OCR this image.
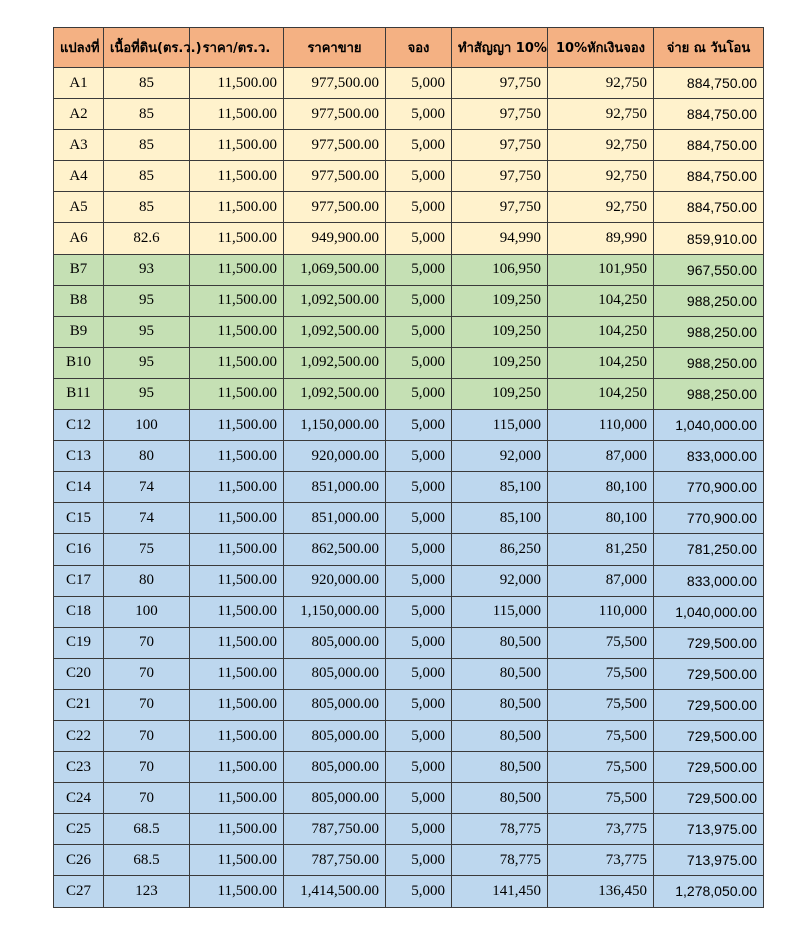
แปลงที่	เนื้อที่ดิน(ตร.ว.)	ราคา/ตร.ว.	ราคาขาย	จอง	ทำสัญญา 10%	10%หักเงินจอง	จ่าย ณ วันโอน
A1	85	11,500.00	977,500.00	5,000	97,750	92,750	884,750.00
A2	85	11,500.00	977,500.00	5,000	97,750	92,750	884,750.00
A3	85	11,500.00	977,500.00	5,000	97,750	92,750	884,750.00
A4	85	11,500.00	977,500.00	5,000	97,750	92,750	884,750.00
A5	85	11,500.00	977,500.00	5,000	97,750	92,750	884,750.00
A6	82.6	11,500.00	949,900.00	5,000	94,990	89,990	859,910.00
B7	93	11,500.00	1,069,500.00	5,000	106,950	101,950	967,550.00
B8	95	11,500.00	1,092,500.00	5,000	109,250	104,250	988,250.00
B9	95	11,500.00	1,092,500.00	5,000	109,250	104,250	988,250.00
B10	95	11,500.00	1,092,500.00	5,000	109,250	104,250	988,250.00
B11	95	11,500.00	1,092,500.00	5,000	109,250	104,250	988,250.00
C12	100	11,500.00	1,150,000.00	5,000	115,000	110,000	1,040,000.00
C13	80	11,500.00	920,000.00	5,000	92,000	87,000	833,000.00
C14	74	11,500.00	851,000.00	5,000	85,100	80,100	770,900.00
C15	74	11,500.00	851,000.00	5,000	85,100	80,100	770,900.00
C16	75	11,500.00	862,500.00	5,000	86,250	81,250	781,250.00
C17	80	11,500.00	920,000.00	5,000	92,000	87,000	833,000.00
C18	100	11,500.00	1,150,000.00	5,000	115,000	110,000	1,040,000.00
C19	70	11,500.00	805,000.00	5,000	80,500	75,500	729,500.00
C20	70	11,500.00	805,000.00	5,000	80,500	75,500	729,500.00
C21	70	11,500.00	805,000.00	5,000	80,500	75,500	729,500.00
C22	70	11,500.00	805,000.00	5,000	80,500	75,500	729,500.00
C23	70	11,500.00	805,000.00	5,000	80,500	75,500	729,500.00
C24	70	11,500.00	805,000.00	5,000	80,500	75,500	729,500.00
C25	68.5	11,500.00	787,750.00	5,000	78,775	73,775	713,975.00
C26	68.5	11,500.00	787,750.00	5,000	78,775	73,775	713,975.00
C27	123	11,500.00	1,414,500.00	5,000	141,450	136,450	1,278,050.00
